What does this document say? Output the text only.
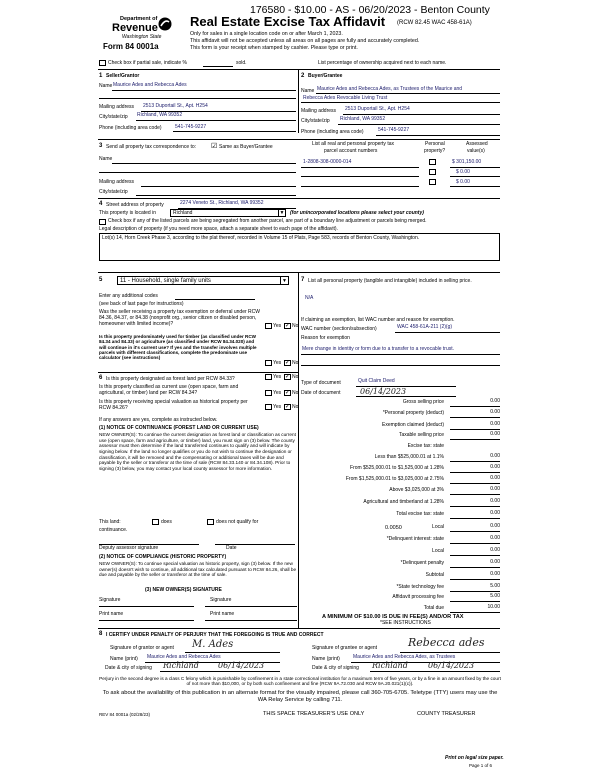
176580 - $10.00 - AS - 06/20/2023 - Benton County
Department of
Revenue
Washington State
Form 84 0001a
Real Estate Excise Tax Affidavit (RCW 82.45 WAC 458-61A)
Only for sales in a single location code on or after March 1, 2023.
This affidavit will not be accepted unless all areas on all pages are fully and accurately completed.
This form is your receipt when stamped by cashier. Please type or print.
Check box if partial sale, indicate %	sold.	List percentage of ownership acquired next to each name.
1 Seller/Grantor
Name Maurice Ades and Rebecca Ades
Mailing address 2513 Duportail St., Apt. H254
City/state/zip Richland, WA 99352
Phone (including area code)	541-745-9227
2 Buyer/Grantee
Name Maurice Ades and Rebecca Ades, as Trustees of the Maurice and
Rebecca Ades Revocable Living Trust
Mailing address 2513 Duportail St., Apt. H254
City/state/zip Richland, WA 99352
Phone (including area code)	541-745-9227
3 Send all property tax correspondence to: ☑ Same as Buyer/Grantee
Name
Mailing address
City/state/zip
List all real and personal property tax
parcel account numbers
Personal
property?
Assessed
value(s)
1-2808-308-0000-014	$ 301,150.00
$ 0.00
$ 0.00
4 Street address of property	2274 Veneto St., Richland, WA 99352
This property is located in	Richland	▼	(for unincorporated locations please select your county)
Check box if any of the listed parcels are being segregated from another parcel, are part of a boundary line adjustment or parcels being merged.
Legal description of property (if you need more space, attach a separate sheet to each page of the affidavit).
Lot(s) 14, Horn Creek Phase 3, according to the plat thereof, recorded in Volume 15 of Plats, Page 583, records of Benton County, Washington.
5	11 - Household, single family units	▼
Enter any additional codes
(see back of last page for instructions)
Was the seller receiving a property tax exemption or deferral under RCW 84.36, 84.37, or 84.38 (nonprofit org., senior citizen or disabled person, homeowner with limited income)?	Yes ✓ No
Is this property predominately used for timber (as classified under RCW 84.34 and 84.33) or agriculture (as classified under RCW 84.34.020) and will continue in it's current use? If yes and the transfer involves multiple parcels with different classifications, complete the predominate use calculator (see instructions)
Yes ✓ No
6 Is this property designated as forest land per RCW 84.33?	Yes ✓ No
Is this property classified as current use (open space, farm and agricultural, or timber) land per RCW 84.34?	Yes ✓ No
Is this property receiving special valuation as historical property per RCW 84.26?	Yes ✓ No
If any answers are yes, complete as instructed below.
(1) NOTICE OF CONTINUANCE (FOREST LAND OR CURRENT USE)
NEW OWNER(S): To continue the current designation as forest land or classification as current use (open space, farm and agriculture, or timber) land, you must sign on (3) below. The county assessor must then determine if the land transferred continues to qualify and will indicate by signing below. If the land no longer qualifies or you do not wish to continue the designation or classification, it will be removed and the compensating or additional taxes will be due and payable by the seller or transferor at the time of sale (RCW 84.33.140 or 84.34.108). Prior to signing (3) below, you may contact your local county assessor for more information.
This land:	does	does not qualify for
continuance.
Deputy assessor signature	Date
(2) NOTICE OF COMPLIANCE (HISTORIC PROPERTY)
NEW OWNER(S): To continue special valuation as historic property, sign (3) below. If the new owner(s) doesn't wish to continue, all additional tax calculated pursuant to RCW 84.26, shall be due and payable by the seller or transferor at the time of sale.
(3) NEW OWNER(S) SIGNATURE
Signature	Signature
Print name	Print name
7 List all personal property (tangible and intangible) included in selling price.
N/A
If claiming an exemption, list WAC number and reason for exemption.
WAC number (section/subsection)	WAC 458-61A-211 (2)(g)
Reason for exemption
Mere change in identity or form due to a transfer to a revocable trust.
Type of document	Quit Claim Deed
Date of document 06/14/2023
Gross selling price	0.00
*Personal property (deduct)	0.00
Exemption claimed (deduct)	0.00
Taxable selling price	0.00
Excise tax: state
Less than $525,000.01 at 1.1%	0.00
From $525,000.01 to $1,525,000 at 1.28%	0.00
From $1,525,000.01 to $3,025,000 at 2.75%	0.00
Above $3,025,000 at 3%	0.00
Agricultural and timberland at 1.28%	0.00
Total excise tax: state	0.00
0.0050	Local	0.00
*Delinquent interest: state	0.00
Local	0.00
*Delinquent penalty	0.00
Subtotal	0.00
*State technology fee	5.00
Affidavit processing fee	5.00
Total due	10.00
A MINIMUM OF $10.00 IS DUE IN FEE(S) AND/OR TAX
*SEE INSTRUCTIONS
8 I CERTIFY UNDER PENALTY OF PERJURY THAT THE FOREGOING IS TRUE AND CORRECT
Signature of grantor or agent M. Ades
Name (print) Maurice Ades and Rebecca Ades
Date & city of signing Richland 06/14/2023
Signature of grantee or agent	Rebecca ades
Name (print)	Maurice Ades and Rebecca Ades, as Trustees
Date & city of signing Richland	06/14/2023
Perjury in the second degree is a class C felony which is punishable by confinement in a state correctional institution for a maximum term of five years, or by a fine in an amount fixed by the court of not more than $10,000, or by both such confinement and fine (RCW 9A.72.030 and RCW 9A.20.021(1)(c)).
To ask about the availability of this publication in an alternate format for the visually impaired, please call 360-705-6705. Teletype (TTY) users may use the WA Relay Service by calling 711.
REV 84 0001a (02/28/23)	THIS SPACE TREASURER'S USE ONLY	COUNTY TREASURER
Print on legal size paper.
Page 1 of 6
